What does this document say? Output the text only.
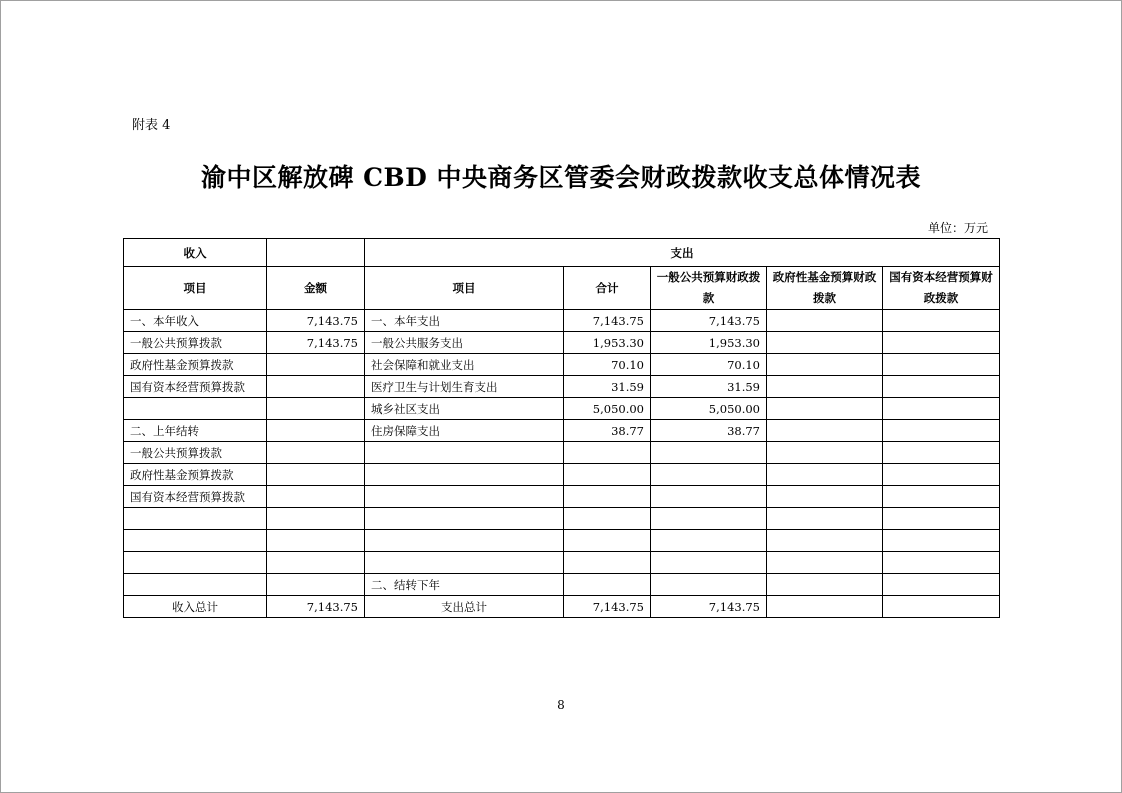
附表 4
渝中区解放碑 CBD 中央商务区管委会财政拨款收支总体情况表
单位：万元
收入		支出				
项目	金额	项目	合计	一般公共预算财政拨款	政府性基金预算财政拨款	国有资本经营预算财政拨款
一、本年收入	7,143.75	一、本年支出	7,143.75	7,143.75		
一般公共预算拨款	7,143.75	一般公共服务支出	1,953.30	1,953.30		
政府性基金预算拨款		社会保障和就业支出	70.10	70.10		
国有资本经营预算拨款		医疗卫生与计划生育支出	31.59	31.59		
		城乡社区支出	5,050.00	5,050.00		
二、上年结转		住房保障支出	38.77	38.77		
一般公共预算拨款						
政府性基金预算拨款						
国有资本经营预算拨款						

		二、结转下年				
收入总计	7,143.75	支出总计	7,143.75	7,143.75		
8
